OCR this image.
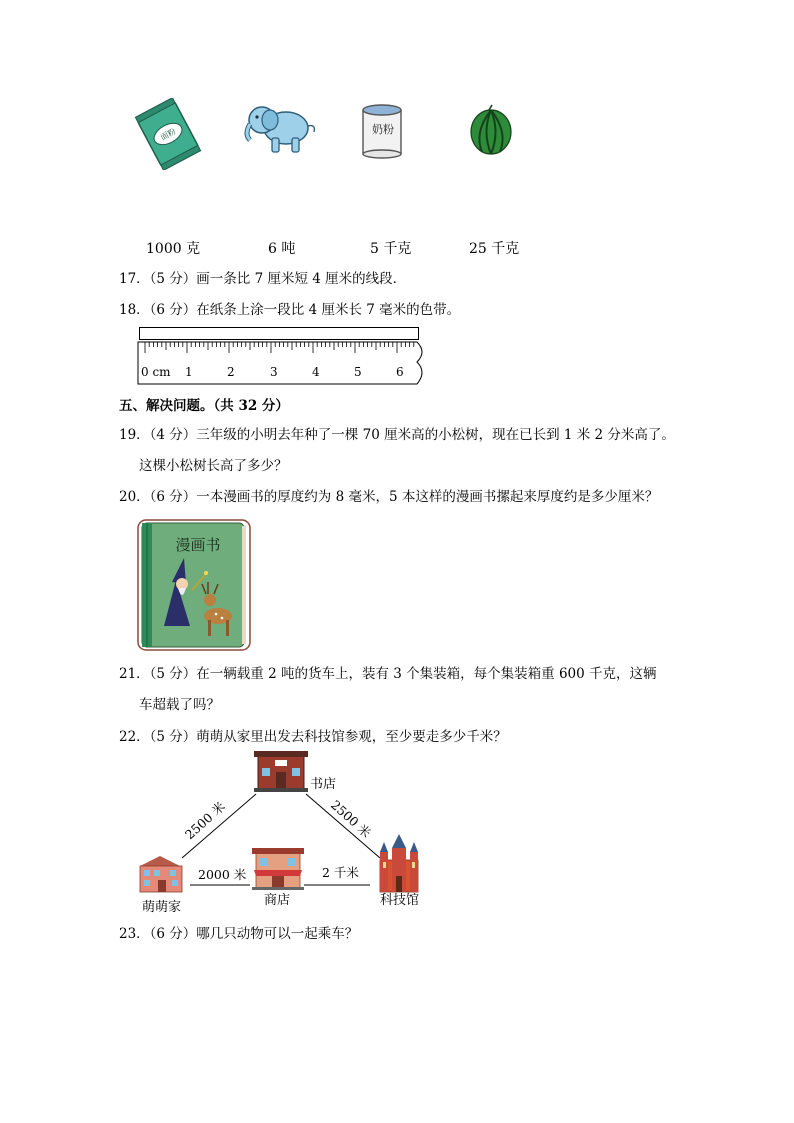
面粉	奶粉
1000 克	6 吨	5 千克	25 千克
17．（5 分）画一条比 7 厘米短 4 厘米的线段．
18．（6 分）在纸条上涂一段比 4 厘米长 7 毫米的色带。
0 cm 1	2	3	4	5	6
五、解决问题。（共 32 分）
19．（4 分）三年级的小明去年种了一棵 70 厘米高的小松树，现在已长到 1 米 2 分米高了。
这棵小松树长高了多少？
20．（6 分）一本漫画书的厚度约为 8 毫米，5 本这样的漫画书摞起来厚度约是多少厘米？
漫画书
21．（5 分）在一辆载重 2 吨的货车上，装有 3 个集装箱，每个集装箱重 600 千克，这辆
车超载了吗？
22．（5 分）萌萌从家里出发去科技馆参观，至少要走多少千米？
2500 米	2500 米
2000 米	2 千米
书店
萌萌家	商店	科技馆
23．（6 分）哪几只动物可以一起乘车？
